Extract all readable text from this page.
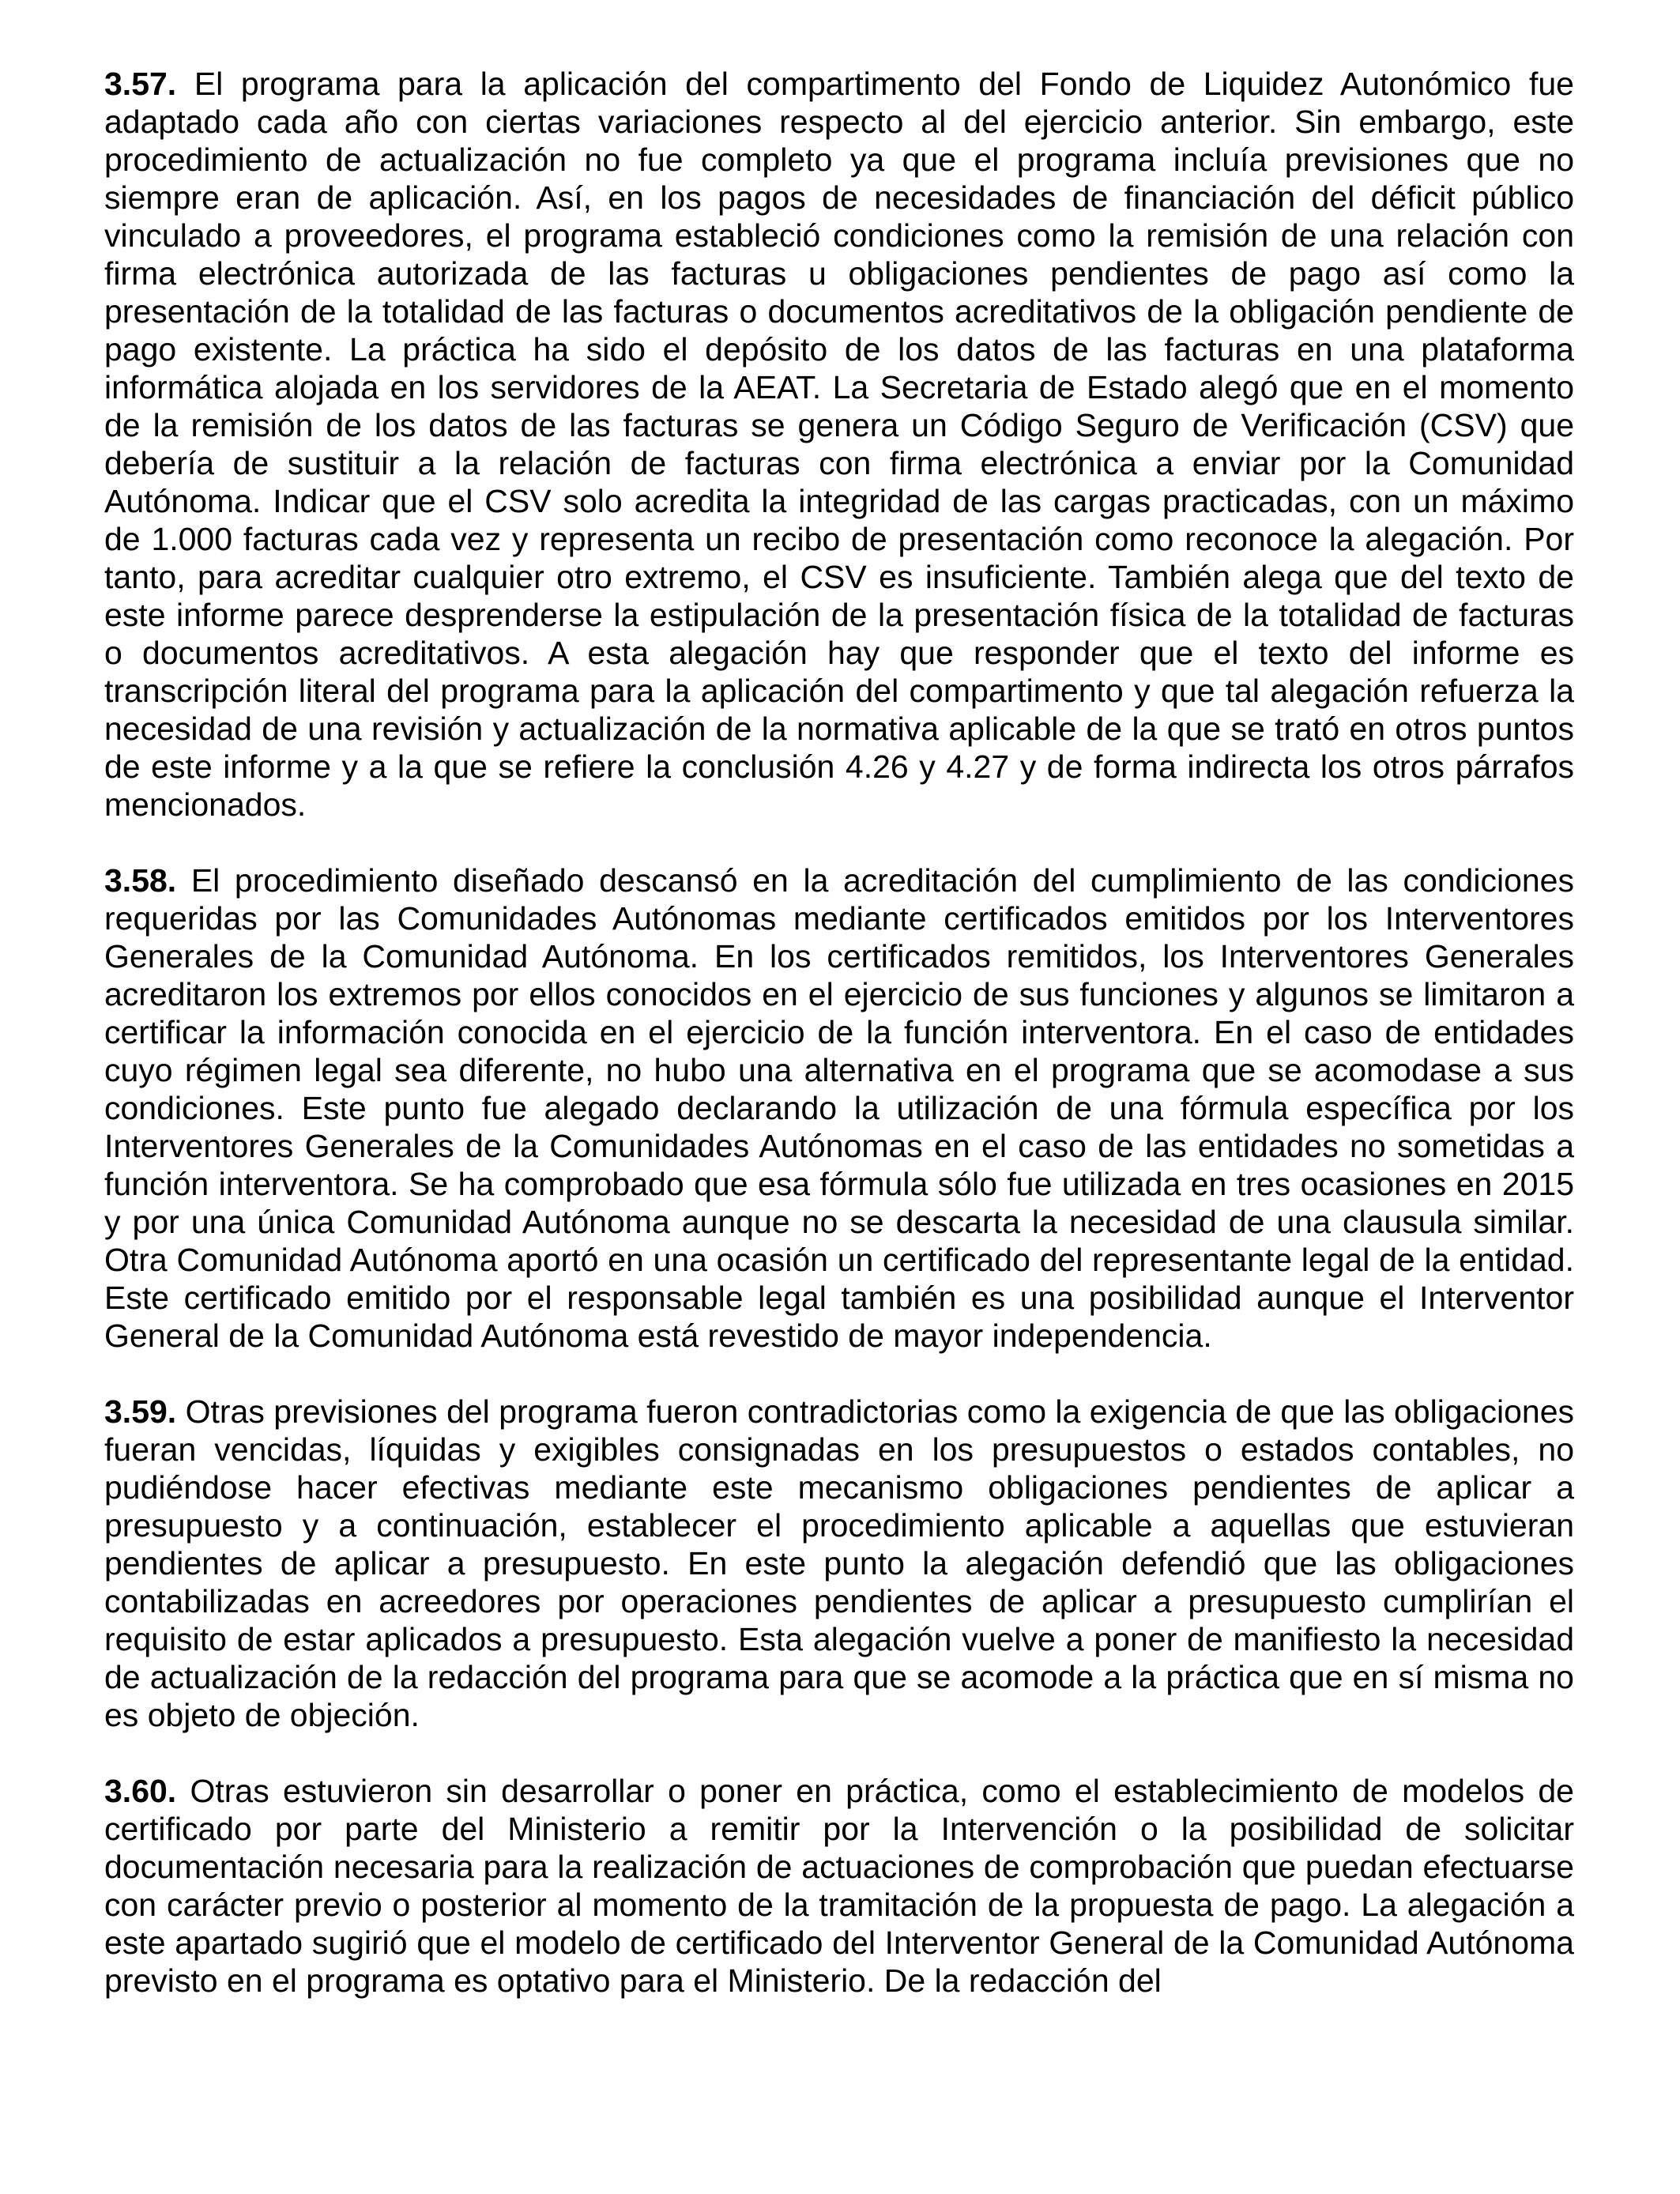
3.57. El programa para la aplicación del compartimento del Fondo de Liquidez Autonómico fue adaptado cada año con ciertas variaciones respecto al del ejercicio anterior. Sin embargo, este procedimiento de actualización no fue completo ya que el programa incluía previsiones que no siempre eran de aplicación. Así, en los pagos de necesidades de financiación del déficit público vinculado a proveedores, el programa estableció condiciones como la remisión de una relación con firma electrónica autorizada de las facturas u obligaciones pendientes de pago así como la presentación de la totalidad de las facturas o documentos acreditativos de la obligación pendiente de pago existente. La práctica ha sido el depósito de los datos de las facturas en una plataforma informática alojada en los servidores de la AEAT. La Secretaria de Estado alegó que en el momento de la remisión de los datos de las facturas se genera un Código Seguro de Verificación (CSV) que debería de sustituir a la relación de facturas con firma electrónica a enviar por la Comunidad Autónoma. Indicar que el CSV solo acredita la integridad de las cargas practicadas, con un máximo de 1.000 facturas cada vez y representa un recibo de presentación como reconoce la alegación. Por tanto, para acreditar cualquier otro extremo, el CSV es insuficiente. También alega que del texto de este informe parece desprenderse la estipulación de la presentación física de la totalidad de facturas o documentos acreditativos. A esta alegación hay que responder que el texto del informe es transcripción literal del programa para la aplicación del compartimento y que tal alegación refuerza la necesidad de una revisión y actualización de la normativa aplicable de la que se trató en otros puntos de este informe y a la que se refiere la conclusión 4.26 y 4.27 y de forma indirecta los otros párrafos mencionados.

3.58. El procedimiento diseñado descansó en la acreditación del cumplimiento de las condiciones requeridas por las Comunidades Autónomas mediante certificados emitidos por los Interventores Generales de la Comunidad Autónoma. En los certificados remitidos, los Interventores Generales acreditaron los extremos por ellos conocidos en el ejercicio de sus funciones y algunos se limitaron a certificar la información conocida en el ejercicio de la función interventora. En el caso de entidades cuyo régimen legal sea diferente, no hubo una alternativa en el programa que se acomodase a sus condiciones. Este punto fue alegado declarando la utilización de una fórmula específica por los Interventores Generales de la Comunidades Autónomas en el caso de las entidades no sometidas a función interventora. Se ha comprobado que esa fórmula sólo fue utilizada en tres ocasiones en 2015 y por una única Comunidad Autónoma aunque no se descarta la necesidad de una clausula similar. Otra Comunidad Autónoma aportó en una ocasión un certificado del representante legal de la entidad. Este certificado emitido por el responsable legal también es una posibilidad aunque el Interventor General de la Comunidad Autónoma está revestido de mayor independencia.

3.59. Otras previsiones del programa fueron contradictorias como la exigencia de que las obligaciones fueran vencidas, líquidas y exigibles consignadas en los presupuestos o estados contables, no pudiéndose hacer efectivas mediante este mecanismo obligaciones pendientes de aplicar a presupuesto y a continuación, establecer el procedimiento aplicable a aquellas que estuvieran pendientes de aplicar a presupuesto. En este punto la alegación defendió que las obligaciones contabilizadas en acreedores por operaciones pendientes de aplicar a presupuesto cumplirían el requisito de estar aplicados a presupuesto. Esta alegación vuelve a poner de manifiesto la necesidad de actualización de la redacción del programa para que se acomode a la práctica que en sí misma no es objeto de objeción.

3.60. Otras estuvieron sin desarrollar o poner en práctica, como el establecimiento de modelos de certificado por parte del Ministerio a remitir por la Intervención o la posibilidad de solicitar documentación necesaria para la realización de actuaciones de comprobación que puedan efectuarse con carácter previo o posterior al momento de la tramitación de la propuesta de pago. La alegación a este apartado sugirió que el modelo de certificado del Interventor General de la Comunidad Autónoma previsto en el programa es optativo para el Ministerio. De la redacción del
